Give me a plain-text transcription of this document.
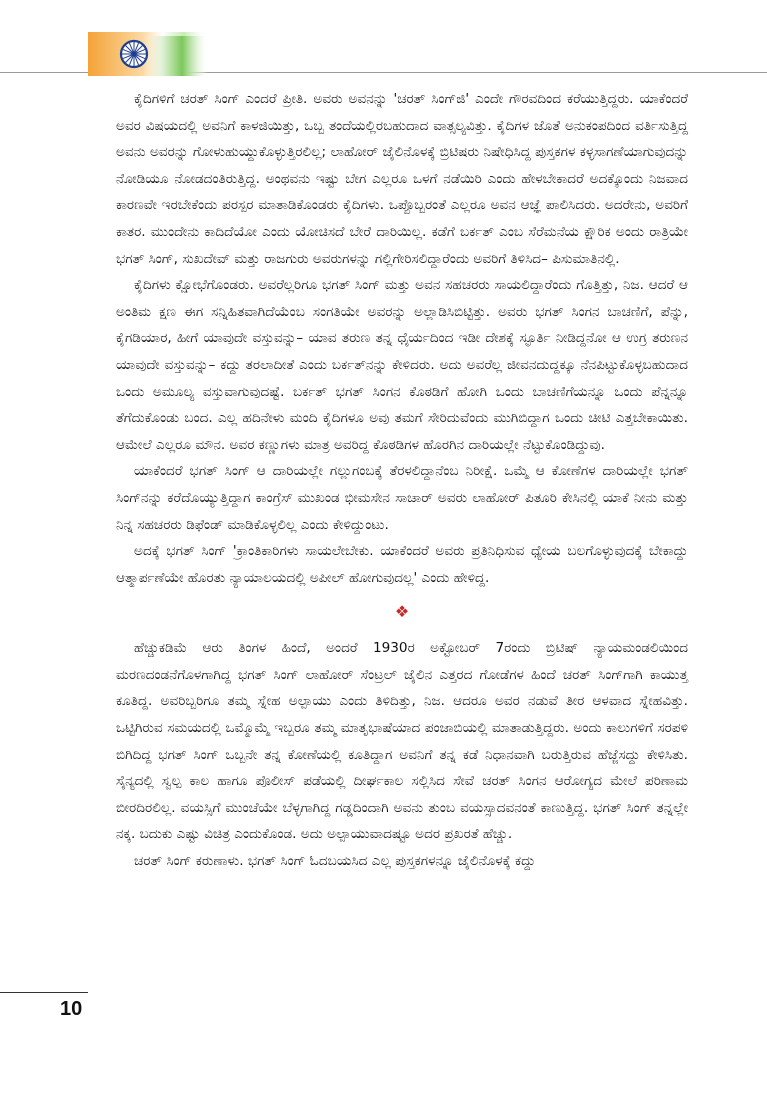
ಕೈದಿಗಳಿಗೆ ಚರತ್ ಸಿಂಗ್ ಎಂದರೆ ಪ್ರೀತಿ. ಅವರು ಅವನನ್ನು 'ಚರತ್ ಸಿಂಗ್‌ಜಿ' ಎಂದೇ ಗೌರವದಿಂದ ಕರೆಯುತ್ತಿದ್ದರು. ಯಾಕೆಂದರೆ ಅವರ ವಿಷಯದಲ್ಲಿ ಅವನಿಗೆ ಕಾಳಜಿಯಿತ್ತು, ಒಬ್ಬ ತಂದೆಯಲ್ಲಿರಬಹುದಾದ ವಾತ್ಸಲ್ಯವಿತ್ತು. ಕೈದಿಗಳ ಜೊತೆ ಅನುಕಂಪದಿಂದ ವರ್ತಿಸುತ್ತಿದ್ದ ಅವನು ಅವರನ್ನು ಗೋಳುಹುಯ್ದುಕೊಳ್ಳುತ್ತಿರಲಿಲ್ಲ; ಲಾಹೋರ್ ಜೈಲಿನೊಳಕ್ಕೆ ಬ್ರಿಟಿಷರು ನಿಷೇಧಿಸಿದ್ದ ಪುಸ್ತಕಗಳ ಕಳ್ಳಸಾಗಣೆಯಾಗುವುದನ್ನು ನೋಡಿಯೂ ನೋಡದಂತಿರುತ್ತಿದ್ದ. ಅಂಥವನು ಇಷ್ಟು ಬೇಗ ಎಲ್ಲರೂ ಒಳಗೆ ನಡೆಯಿರಿ ಎಂದು ಹೇಳಬೇಕಾದರೆ ಅದಕ್ಕೊಂದು ನಿಜವಾದ ಕಾರಣವೇ ಇರಬೇಕೆಂದು ಪರಸ್ಪರ ಮಾತಾಡಿಕೊಂಡರು ಕೈದಿಗಳು. ಒಪ್ಪೊಬ್ಬರಂತೆ ಎಲ್ಲರೂ ಅವನ ಆಜ್ಞೆ ಪಾಲಿಸಿದರು. ಅದರೇನು, ಅವರಿಗೆ ಕಾತರ. ಮುಂದೇನು ಕಾದಿದೆಯೋ ಎಂದು ಯೋಚಿಸದೆ ಬೇರೆ ದಾರಿಯಿಲ್ಲ. ಕಡೆಗೆ ಬರ್ಕತ್ ಎಂಬ ಸೆರೆಮನೆಯ ಕ್ಷೌರಿಕ ಅಂದು ರಾತ್ರಿಯೇ ಭಗತ್ ಸಿಂಗ್, ಸುಖದೇವ್ ಮತ್ತು ರಾಜಗುರು ಅವರುಗಳನ್ನು ಗಲ್ಲಿಗೇರಿಸಲಿದ್ದಾರೆಂದು ಅವರಿಗೆ ತಿಳಿಸಿದ– ಪಿಸುಮಾತಿನಲ್ಲಿ.

ಕೈದಿಗಳು ಕ್ಷೋಭೆಗೊಂಡರು. ಅವರೆಲ್ಲರಿಗೂ ಭಗತ್ ಸಿಂಗ್ ಮತ್ತು ಅವನ ಸಹಚರರು ಸಾಯಲಿದ್ದಾರೆಂದು ಗೊತ್ತಿತ್ತು, ನಿಜ. ಆದರೆ ಆ ಅಂತಿಮ ಕ್ಷಣ ಈಗ ಸನ್ನಿಹಿತವಾಗಿದೆಯೆಂಬ ಸಂಗತಿಯೇ ಅವರನ್ನು ಅಲ್ಲಾಡಿಸಿಬಿಟ್ಟಿತ್ತು. ಅವರು ಭಗತ್ ಸಿಂಗನ ಬಾಚಣಿಗೆ, ಪೆನ್ನು, ಕೈಗಡಿಯಾರ, ಹೀಗೆ ಯಾವುದೇ ವಸ್ತುವನ್ನು– ಯಾವ ತರುಣ ತನ್ನ ಧೈರ್ಯದಿಂದ ಇಡೀ ದೇಶಕ್ಕೆ ಸ್ಫೂರ್ತಿ ನೀಡಿದ್ದನೋ ಆ ಉಗ್ರ ತರುಣನ ಯಾವುದೇ ವಸ್ತುವನ್ನು– ಕದ್ದು ತರಲಾದೀತೆ ಎಂದು ಬರ್ಕತ್‌ನನ್ನು ಕೇಳಿದರು. ಅದು ಅವರೆಲ್ಲ ಜೀವನದುದ್ದಕ್ಕೂ ನೆನಪಿಟ್ಟುಕೊಳ್ಳಬಹುದಾದ ಒಂದು ಅಮೂಲ್ಯ ವಸ್ತುವಾಗುವುದಷ್ಟೆ. ಬರ್ಕತ್ ಭಗತ್ ಸಿಂಗನ ಕೊಠಡಿಗೆ ಹೋಗಿ ಒಂದು ಬಾಚಣಿಗೆಯನ್ನೂ ಒಂದು ಪೆನ್ನನ್ನೂ ತೆಗೆದುಕೊಂಡು ಬಂದ. ಎಲ್ಲ ಹದಿನೇಳು ಮಂದಿ ಕೈದಿಗಳೂ ಅವು ತಮಗೆ ಸೇರಿದುವೆಂದು ಮುಗಿಬಿದ್ದಾಗ ಒಂದು ಚೀಟಿ ಎತ್ತಬೇಕಾಯಿತು. ಆಮೇಲೆ ಎಲ್ಲರೂ ಮೌನ. ಅವರ ಕಣ್ಣುಗಳು ಮಾತ್ರ ಅವರಿದ್ದ ಕೊಠಡಿಗಳ ಹೊರಗಿನ ದಾರಿಯಲ್ಲೇ ನೆಟ್ಟುಕೊಂಡಿದ್ದುವು.

ಯಾಕೆಂದರೆ ಭಗತ್ ಸಿಂಗ್ ಆ ದಾರಿಯಲ್ಲೇ ಗಲ್ಲುಗಂಬಕ್ಕೆ ತೆರಳಲಿದ್ದಾನೆಂಬ ನಿರೀಕ್ಷೆ. ಒಮ್ಮೆ ಆ ಕೋಣೆಗಳ ದಾರಿಯಲ್ಲೇ ಭಗತ್ ಸಿಂಗ್‌ನನ್ನು ಕರೆದೊಯ್ಯುತ್ತಿದ್ದಾಗ ಕಾಂಗ್ರೆಸ್ ಮುಖಂಡ ಭೀಮಸೇನ ಸಾಚಾರ್ ಅವರು ಲಾಹೋರ್ ಪಿತೂರಿ ಕೇಸಿನಲ್ಲಿ ಯಾಕೆ ನೀನು ಮತ್ತು ನಿನ್ನ ಸಹಚರರು ಡಿಫೆಂಡ್ ಮಾಡಿಕೊಳ್ಳಲಿಲ್ಲ ಎಂದು ಕೇಳಿದ್ದುಂಟು.

ಅದಕ್ಕೆ ಭಗತ್ ಸಿಂಗ್ 'ಕ್ರಾಂತಿಕಾರಿಗಳು ಸಾಯಲೇಬೇಕು. ಯಾಕೆಂದರೆ ಅವರು ಪ್ರತಿನಿಧಿಸುವ ಧ್ಯೇಯ ಬಲಗೊಳ್ಳುವುದಕ್ಕೆ ಬೇಕಾದ್ದು ಆತ್ಮಾರ್ಪಣೆಯೇ ಹೊರತು ನ್ಯಾಯಾಲಯದಲ್ಲಿ ಅಪೀಲ್ ಹೋಗುವುದಲ್ಲ' ಎಂದು ಹೇಳಿದ್ದ.

❖

ಹೆಚ್ಚುಕಡಿಮೆ ಆರು ತಿಂಗಳ ಹಿಂದೆ, ಅಂದರೆ 1930ರ ಅಕ್ಟೋಬರ್ 7ರಂದು ಬ್ರಿಟಿಷ್ ನ್ಯಾಯಮಂಡಲಿಯಿಂದ ಮರಣದಂಡನೆಗೊಳಗಾಗಿದ್ದ ಭಗತ್ ಸಿಂಗ್ ಲಾಹೋರ್ ಸೆಂಟ್ರಲ್ ಜೈಲಿನ ಎತ್ತರದ ಗೋಡೆಗಳ ಹಿಂದೆ ಚರತ್ ಸಿಂಗ್‌ಗಾಗಿ ಕಾಯುತ್ತ ಕೂತಿದ್ದ. ಅವರಿಬ್ಬರಿಗೂ ತಮ್ಮ ಸ್ನೇಹ ಅಲ್ಪಾಯು ಎಂದು ತಿಳಿದಿತ್ತು, ನಿಜ. ಆದರೂ ಅವರ ನಡುವೆ ತೀರ ಆಳವಾದ ಸ್ನೇಹವಿತ್ತು. ಒಟ್ಟಿಗಿರುವ ಸಮಯದಲ್ಲಿ ಒಮ್ಮೊಮ್ಮೆ ಇಬ್ಬರೂ ತಮ್ಮ ಮಾತೃಭಾಷೆಯಾದ ಪಂಜಾಬಿಯಲ್ಲಿ ಮಾತಾಡುತ್ತಿದ್ದರು. ಅಂದು ಕಾಲುಗಳಿಗೆ ಸರಪಳಿ ಬಿಗಿದಿದ್ದ ಭಗತ್ ಸಿಂಗ್ ಒಬ್ಬನೇ ತನ್ನ ಕೋಣೆಯಲ್ಲಿ ಕೂತಿದ್ದಾಗ ಅವನಿಗೆ ತನ್ನ ಕಡೆ ನಿಧಾನವಾಗಿ ಬರುತ್ತಿರುವ ಹೆಜ್ಜೆಸದ್ದು ಕೇಳಿಸಿತು. ಸೈನ್ಯದಲ್ಲಿ ಸ್ವಲ್ಪ ಕಾಲ ಹಾಗೂ ಪೊಲೀಸ್ ಪಡೆಯಲ್ಲಿ ದೀರ್ಘಕಾಲ ಸಲ್ಲಿಸಿದ ಸೇವೆ ಚರತ್ ಸಿಂಗನ ಆರೋಗ್ಯದ ಮೇಲೆ ಪರಿಣಾಮ ಬೀರದಿರಲಿಲ್ಲ. ವಯಸ್ಸಿಗೆ ಮುಂಚೆಯೇ ಬೆಳ್ಳಗಾಗಿದ್ದ ಗಡ್ಡದಿಂದಾಗಿ ಅವನು ತುಂಬ ವಯಸ್ಸಾದವನಂತೆ ಕಾಣುತ್ತಿದ್ದ. ಭಗತ್ ಸಿಂಗ್ ತನ್ನಲ್ಲೇ ನಕ್ಕ. ಬದುಕು ಎಷ್ಟು ವಿಚಿತ್ರ ಎಂದುಕೊಂಡ. ಅದು ಅಲ್ಪಾಯುವಾದಷ್ಟೂ ಅದರ ಪ್ರಖರತೆ ಹೆಚ್ಚು.

ಚರತ್ ಸಿಂಗ್ ಕರುಣಾಳು. ಭಗತ್ ಸಿಂಗ್ ಓದಬಯಸಿದ ಎಲ್ಲ ಪುಸ್ತಕಗಳನ್ನೂ ಜೈಲಿನೊಳಕ್ಕೆ ಕದ್ದು

10
